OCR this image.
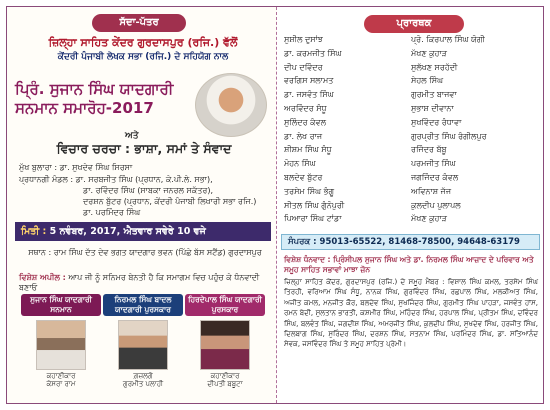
ਸੱਦਾ-ਪੱਤਰ
ਜ਼ਿਲ੍ਹਾ ਸਾਹਿਤ ਕੇਂਦਰ ਗੁਰਦਾਸਪੁਰ (ਰਜਿ.) ਵੱਲੋਂ
ਕੇਂਦਰੀ ਪੰਜਾਬੀ ਲੇਖਕ ਸਭਾ (ਰਜਿ.) ਦੇ ਸਹਿਯੋਗ ਨਾਲ
ਪ੍ਰਿੰ. ਸੁਜਾਨ ਸਿੰਘ ਯਾਦਗਾਰੀ
ਸਨਮਾਨ ਸਮਾਰੋਹ-2017
ਅਤੇ
ਵਿਚਾਰ ਚਰਚਾ : ਭਾਸ਼ਾ, ਸਮਾਂ ਤੇ ਸੰਵਾਦ
ਮੁੱਖ ਬੁਲਾਰਾ : ਡਾ. ਸੁਖਦੇਵ ਸਿੰਘ ਸਿਰਸਾ
ਪ੍ਰਧਾਨਗੀ ਮੰਡਲ : ਡਾ. ਸਰਬਜੀਤ ਸਿੰਘ (ਪ੍ਰਧਾਨ, ਕੇ.ਪੀ.ਲੇ. ਸਭਾ),
ਡਾ. ਰਵਿੰਦਰ ਸਿੰਘ (ਸਾਬਕਾ ਜਨਰਲ ਸਕੱਤਰ),
ਦਰਸ਼ਨ ਬੁੱਟਰ (ਪ੍ਰਧਾਨ, ਕੇਂਦਰੀ ਪੰਜਾਬੀ ਲਿਖਾਰੀ ਸਭਾ ਰਜਿ.)
ਡਾ. ਪਰਮਿੰਦਰ ਸਿੰਘ
ਮਿਤੀ : 5 ਨਵੰਬਰ, 2017, ਐਤਵਾਰ ਸਵੇਰੇ 10 ਵਜੇ
ਸਥਾਨ : ਰਾਮ ਸਿੰਘ ਦੱਤ ਦੇਵ ਭਗਤ ਯਾਦਗਾਰ ਭਵਨ (ਪਿੱਛੇ ਬੱਸ ਸਟੈਂਡ) ਗੁਰਦਾਸਪੁਰ
ਵਿਸ਼ੇਸ਼ ਅਪੀਲ : ਆਪ ਜੀ ਨੂੰ ਸਨਿਮਰ ਬੇਨਤੀ ਹੈ ਕਿ ਸਮਾਗਮ ਵਿਚ ਪਹੁੰਚ ਕੇ ਧੰਨਵਾਦੀ ਬਣਾਓ
ਸੁਜਾਨ ਸਿੰਘ ਯਾਦਗਾਰੀ ਸਨਮਾਨ
ਕਹਾਣੀਕਾਰ
ਕੇਸਰਾ ਰਾਮ
ਨਿਰਮਲ ਸਿੰਘ ਬਾਦਲ ਯਾਦਗਾਰੀ ਪੁਰਸਕਾਰ
ਗ਼ਜ਼ਲਗੋ
ਗੁਰਮੀਤ ਪਲਾਹੀ
ਹਿਰਦੇਪਾਲ ਸਿੰਘ ਯਾਦਗਾਰੀ ਪੁਰਸਕਾਰ
ਕਹਾਣੀਕਾਰ
ਦੀਪਤੀ ਬਬੂਟਾ
ਪ੍ਰਾਰਥਕ
ਸੁਸ਼ੀਲ ਦੁਸਾਂਝ	ਪ੍ਰੋ. ਕਿਰਪਾਲ ਸਿੰਘ ਯੋਗੀ
ਡਾ. ਕਰਮਜੀਤ ਸਿੰਘ	ਮੱਖਣ ਕੁਹਾੜ
ਦੀਪ ਦਵਿੰਦਰ	ਸੁਲੱਖਣ ਸਰਹੱਦੀ
ਵਰਗਿਸ ਸਲਾਮਤ	ਸੇਹਲ ਸਿੰਘ
ਡਾ. ਜਸਵੰਤ ਸਿੰਘ	ਗੁਰਮੀਤ ਬਾਜਵਾ
ਅਰਵਿੰਦਰ ਸੰਧੂ	ਸੁਭਾਸ਼ ਦੀਵਾਨਾ
ਸੁਲਿੰਦਰ ਕੰਵਲ	ਸੁਖਵਿੰਦਰ ਰੰਧਾਵਾ
ਡਾ. ਲੇਖ ਰਾਜ	ਗੁਰਪ੍ਰੀਤ ਸਿੰਘ ਰੰਗੀਲਪੁਰ
ਸ਼ੀਸ਼ਮ ਸਿੰਘ ਸੰਧੂ	ਰਜਿੰਦਰ ਬੱਬੂ
ਮੋਹਨ ਸਿੰਘ	ਪਰਮਜੀਤ ਸਿੰਘ
ਬਲਦੇਵ ਬੁੱਟਰ	ਜਗਜਿੰਦਰ ਕੰਵਲ
ਤਰਸੇਮ ਸਿੰਘ ਭੰਗੂ	ਅਵਿਨਾਸ਼ ਜੱਜ
ਸੀਤਲ ਸਿੰਘ ਗੁੰਨੋਪੁਰੀ	ਕੁਲਦੀਪ ਪੁਲਾਪਲ
ਪਿਆਰਾ ਸਿੰਘ ਟਾਂਡਾ	ਮੱਖਣ ਕੁਹਾੜ
ਸੰਪਰਕ : 95013-65522, 81468-78500, 94648-63179
ਵਿਸ਼ੇਸ਼ ਧੰਨਵਾਦ : ਪ੍ਰਿੰਸੀਪਲ ਸੁਜਾਨ ਸਿੰਘ ਅਤੇ ਡਾ. ਨਿਰਮਲ ਸਿੰਘ ਆਜ਼ਾਦ ਦੇ ਪਰਿਵਾਰ ਅਤੇ ਸਮੂਹ ਸਾਹਿਤ ਸਭਾਵਾਂ ਮਾਝਾ ਜ਼ੋਨ
ਜ਼ਿਲ੍ਹਾ ਸਾਹਿਤ ਕੇਂਦਰ, ਗੁਰਦਾਸਪੁਰ (ਰਜਿ.) ਦੇ ਸਮੂਹ ਮੈਂਬਰ : ਵਿਸ਼ਾਲ ਸਿੰਘ ਕਮਲ, ਤਰਸੇਮ ਸਿੰਘ ਤਿਰਹੀ, ਵਰਿਆਮ ਸਿੰਘ ਸੰਧੂ, ਨਾਨਕ ਸਿੰਘ, ਗੁਰਵਿੰਦਰ ਸਿੰਘ, ਰਛਪਾਲ ਸਿੰਘ, ਮਲਕੀਅਤ ਸਿੰਘ, ਅਜੀਤ ਕਮਲ, ਮਨਜੀਤ ਕੌਰ, ਬਲਦੇਵ ਸਿੰਘ, ਸੁਖਜਿੰਦਰ ਸਿੰਘ, ਗੁਰਮੀਤ ਸਿੰਘ ਪਾਹੜਾ, ਜਸਵੰਤ ਹਾਂਸ, ਰਮਨ ਬੇਦੀ, ਸੁਲਤਾਨ ਭਾਰਤੀ, ਕਸ਼ਮੀਰ ਸਿੰਘ, ਮਹਿੰਦਰ ਸਿੰਘ, ਹਰਪਾਲ ਸਿੰਘ, ਪ੍ਰੀਤਮ ਸਿੰਘ, ਦਵਿੰਦਰ ਸਿੰਘ, ਬਲਵੰਤ ਸਿੰਘ, ਜਗਦੀਸ਼ ਸਿੰਘ, ਅਮਰਜੀਤ ਸਿੰਘ, ਕੁਲਦੀਪ ਸਿੰਘ, ਸੁਖਦੇਵ ਸਿੰਘ, ਹਰਜੀਤ ਸਿੰਘ, ਦਿਲਬਾਗ ਸਿੰਘ, ਸੁਰਿੰਦਰ ਸਿੰਘ, ਦਰਸ਼ਨ ਸਿੰਘ, ਸਤਨਾਮ ਸਿੰਘ, ਪਰਮਿੰਦਰ ਸਿੰਘ, ਡਾ. ਸਤਿਆਨੰਦ ਸੇਵਕ, ਜਸਵਿੰਦਰ ਸਿੰਘ ਤੇ ਸਮੂਹ ਸਾਹਿਤ ਪ੍ਰੇਮੀ।
